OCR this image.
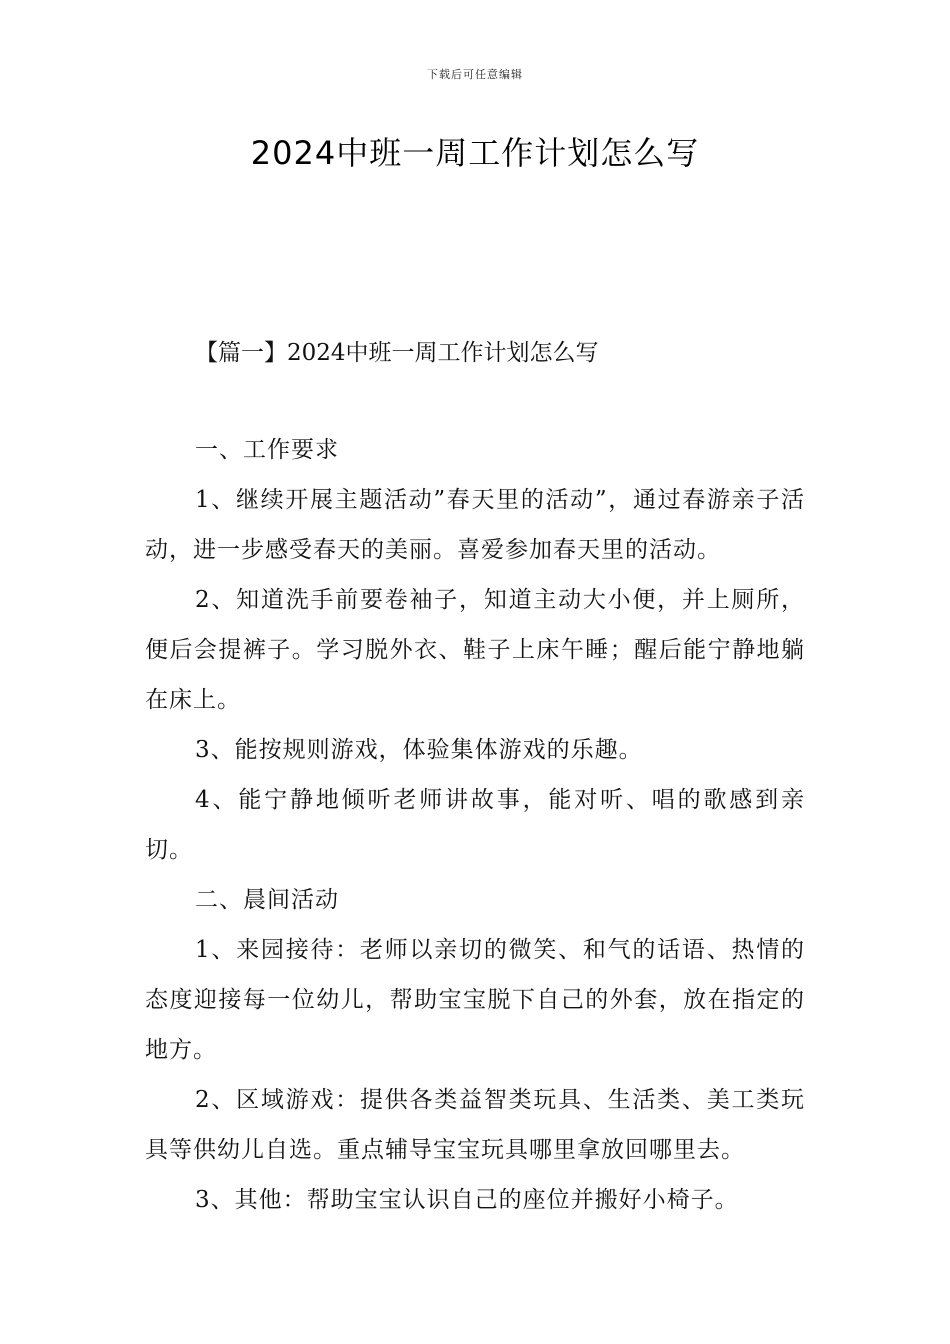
下载后可任意编辑
2024中班一周工作计划怎么写
【篇一】2024中班一周工作计划怎么写

一、工作要求

1、继续开展主题活动”春天里的活动”，通过春游亲子活动，进一步感受春天的美丽。喜爱参加春天里的活动。

2、知道洗手前要卷袖子，知道主动大小便，并上厕所，便后会提裤子。学习脱外衣、鞋子上床午睡；醒后能宁静地躺在床上。

3、能按规则游戏，体验集体游戏的乐趣。

4、能宁静地倾听老师讲故事，能对听、唱的歌感到亲切。

二、晨间活动

1、来园接待：老师以亲切的微笑、和气的话语、热情的态度迎接每一位幼儿，帮助宝宝脱下自己的外套，放在指定的地方。

2、区域游戏：提供各类益智类玩具、生活类、美工类玩具等供幼儿自选。重点辅导宝宝玩具哪里拿放回哪里去。

3、其他：帮助宝宝认识自己的座位并搬好小椅子。
